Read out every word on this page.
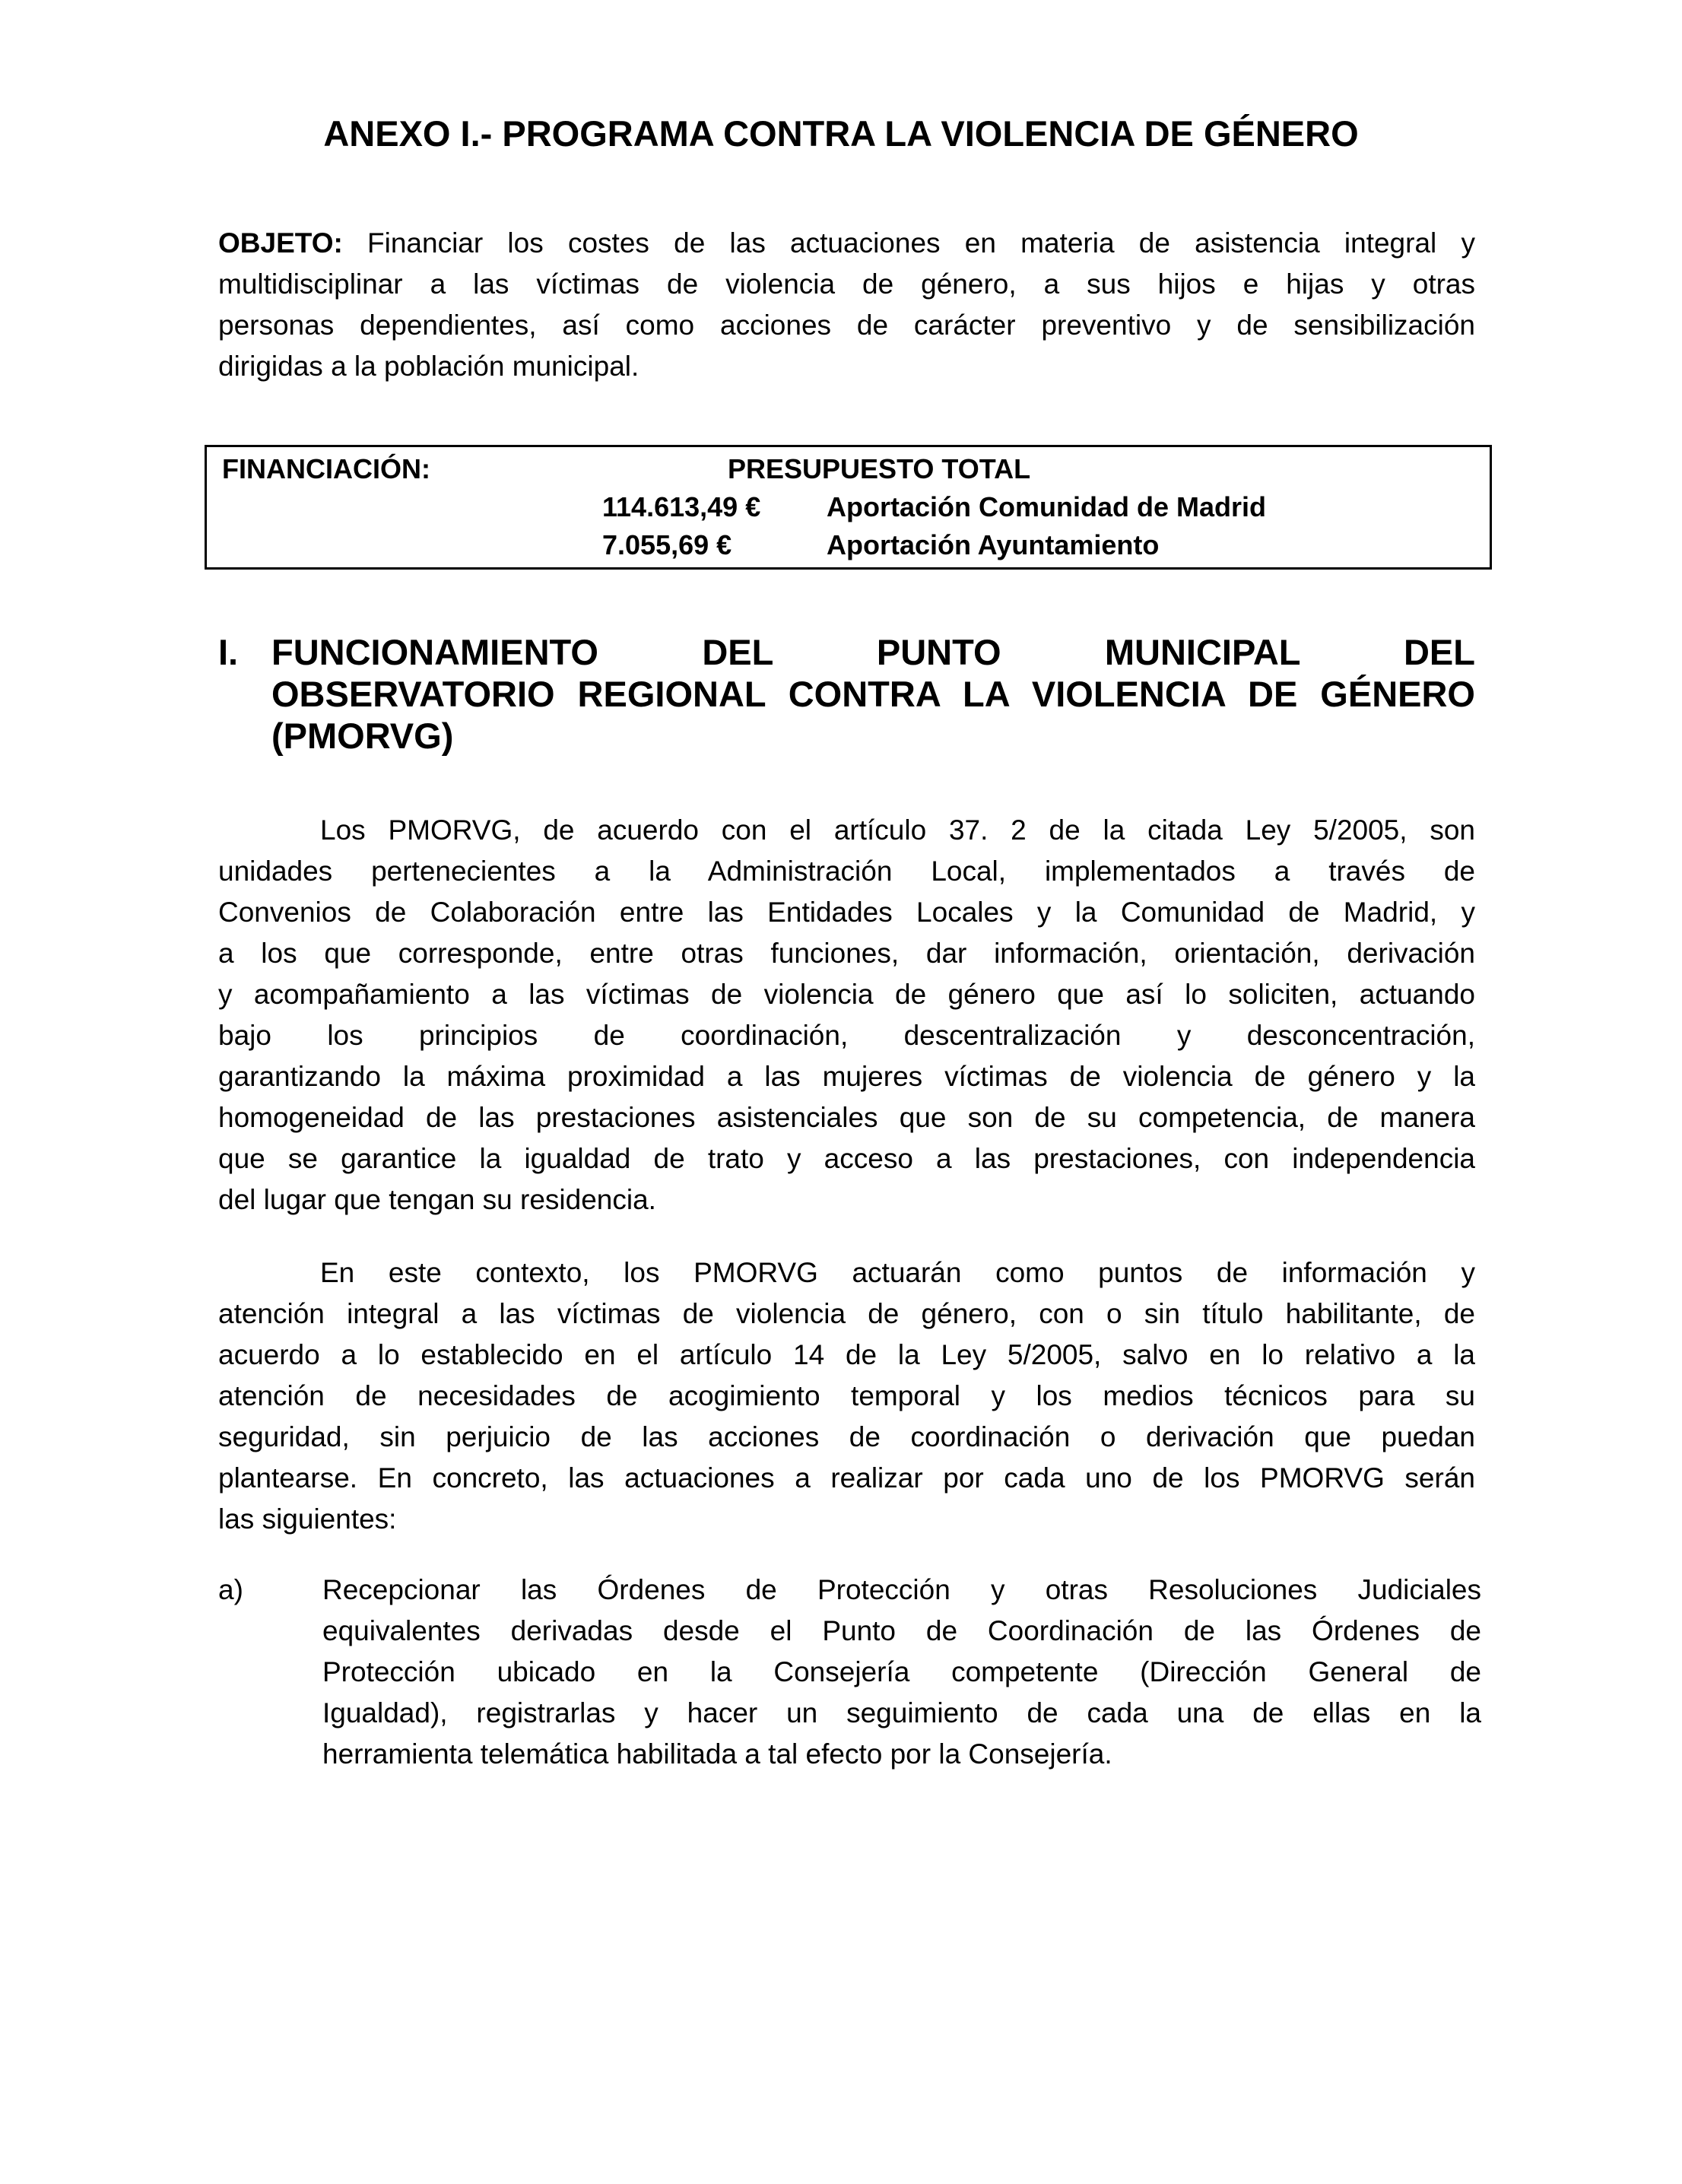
ANEXO I.- PROGRAMA CONTRA LA VIOLENCIA DE GÉNERO
OBJETO: Financiar los costes de las actuaciones en materia de asistencia integral y
multidisciplinar a las víctimas de violencia de género, a sus hijos e hijas y otras
personas dependientes, así como acciones de carácter preventivo y de sensibilización
dirigidas a la población municipal.
FINANCIACIÓN:	PRESUPUESTO TOTAL
114.613,49 € Aportación Comunidad de Madrid
7.055,69 €	Aportación Ayuntamiento
I. FUNCIONAMIENTO DEL PUNTO MUNICIPAL DEL
OBSERVATORIO REGIONAL CONTRA LA VIOLENCIA DE GÉNERO
(PMORVG)
Los PMORVG, de acuerdo con el artículo 37. 2 de la citada Ley 5/2005, son
unidades pertenecientes a la Administración Local, implementados a través de
Convenios de Colaboración entre las Entidades Locales y la Comunidad de Madrid, y
a los que corresponde, entre otras funciones, dar información, orientación, derivación
y acompañamiento a las víctimas de violencia de género que así lo soliciten, actuando
bajo los principios de coordinación, descentralización y desconcentración,
garantizando la máxima proximidad a las mujeres víctimas de violencia de género y la
homogeneidad de las prestaciones asistenciales que son de su competencia, de manera
que se garantice la igualdad de trato y acceso a las prestaciones, con independencia
del lugar que tengan su residencia.
En este contexto, los PMORVG actuarán como puntos de información y
atención integral a las víctimas de violencia de género, con o sin título habilitante, de
acuerdo a lo establecido en el artículo 14 de la Ley 5/2005, salvo en lo relativo a la
atención de necesidades de acogimiento temporal y los medios técnicos para su
seguridad, sin perjuicio de las acciones de coordinación o derivación que puedan
plantearse. En concreto, las actuaciones a realizar por cada uno de los PMORVG serán
las siguientes:
a)	Recepcionar las Órdenes de Protección y otras Resoluciones Judiciales
equivalentes derivadas desde el Punto de Coordinación de las Órdenes de
Protección ubicado en la Consejería competente (Dirección General de
Igualdad), registrarlas y hacer un seguimiento de cada una de ellas en la
herramienta telemática habilitada a tal efecto por la Consejería.
